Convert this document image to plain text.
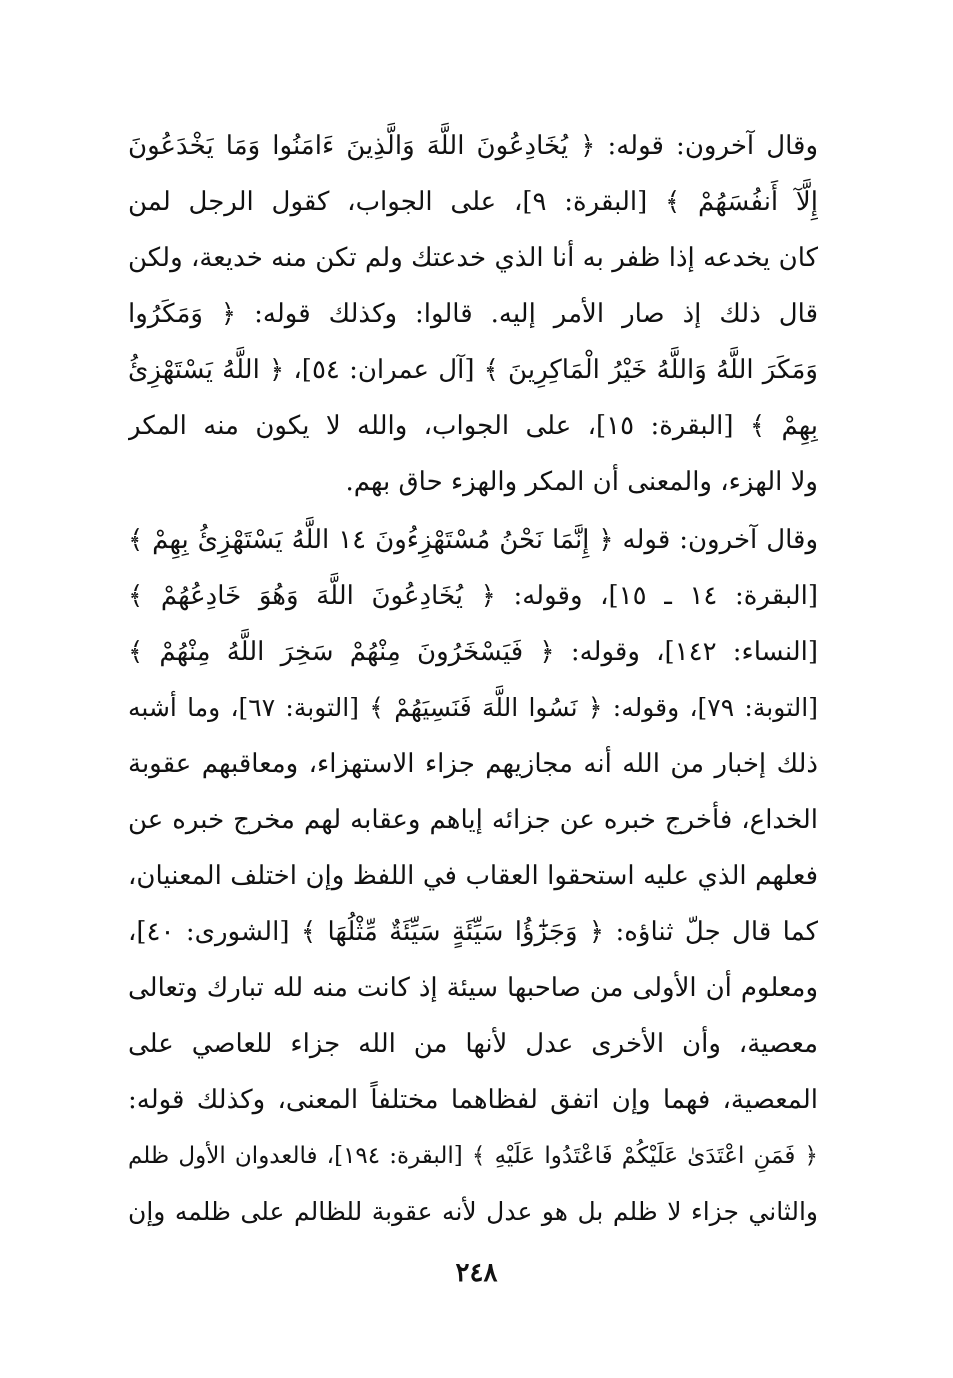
وقال آخرون: قوله: ﴿ يُخَادِعُونَ اللَّهَ وَالَّذِينَ ءَامَنُوا وَمَا يَخْدَعُونَ
إِلَّآ أَنفُسَهُمْ ﴾ [البقرة: ٩]، على الجواب، كقول الرجل لمن
كان يخدعه إذا ظفر به أنا الذي خدعتك ولم تكن منه خديعة، ولكن
قال ذلك إذ صار الأمر إليه. قالوا: وكذلك قوله: ﴿ وَمَكَرُوا
وَمَكَرَ اللَّهُ وَاللَّهُ خَيْرُ الْمَاكِرِينَ ﴾ [آل عمران: ٥٤]، ﴿ اللَّهُ يَسْتَهْزِئُ
بِهِمْ ﴾ [البقرة: ١٥]، على الجواب، والله لا يكون منه المكر
ولا الهزء، والمعنى أن المكر والهزء حاق بهم.
وقال آخرون: قوله ﴿ إِنَّمَا نَحْنُ مُسْتَهْزِءُونَ ١٤ اللَّهُ يَسْتَهْزِئُ بِهِمْ ﴾
[البقرة: ١٤ ـ ١٥]، وقوله: ﴿ يُخَادِعُونَ اللَّهَ وَهُوَ خَادِعُهُمْ ﴾
[النساء: ١٤٢]، وقوله: ﴿ فَيَسْخَرُونَ مِنْهُمْ سَخِرَ اللَّهُ مِنْهُمْ ﴾
[التوبة: ٧٩]، وقوله: ﴿ نَسُوا اللَّهَ فَنَسِيَهُمْ ﴾ [التوبة: ٦٧]، وما أشبه
ذلك إخبار من الله أنه مجازيهم جزاء الاستهزاء، ومعاقبهم عقوبة
الخداع، فأخرج خبره عن جزائه إياهم وعقابه لهم مخرج خبره عن
فعلهم الذي عليه استحقوا العقاب في اللفظ وإن اختلف المعنيان،
كما قال جلّ ثناؤه: ﴿ وَجَزَٰٓؤُا سَيِّئَةٍ سَيِّئَةٌ مِّثْلُهَا ﴾ [الشورى: ٤٠]،
ومعلوم أن الأولى من صاحبها سيئة إذ كانت منه لله تبارك وتعالى
معصية، وأن الأخرى عدل لأنها من الله جزاء للعاصي على
المعصية، فهما وإن اتفق لفظاهما مختلفاً المعنى، وكذلك قوله:
﴿ فَمَنِ اعْتَدَىٰ عَلَيْكُمْ فَاعْتَدُوا عَلَيْهِ ﴾ [البقرة: ١٩٤]، فالعدوان الأول ظلم
والثاني جزاء لا ظلم بل هو عدل لأنه عقوبة للظالم على ظلمه وإن
٢٤٨
